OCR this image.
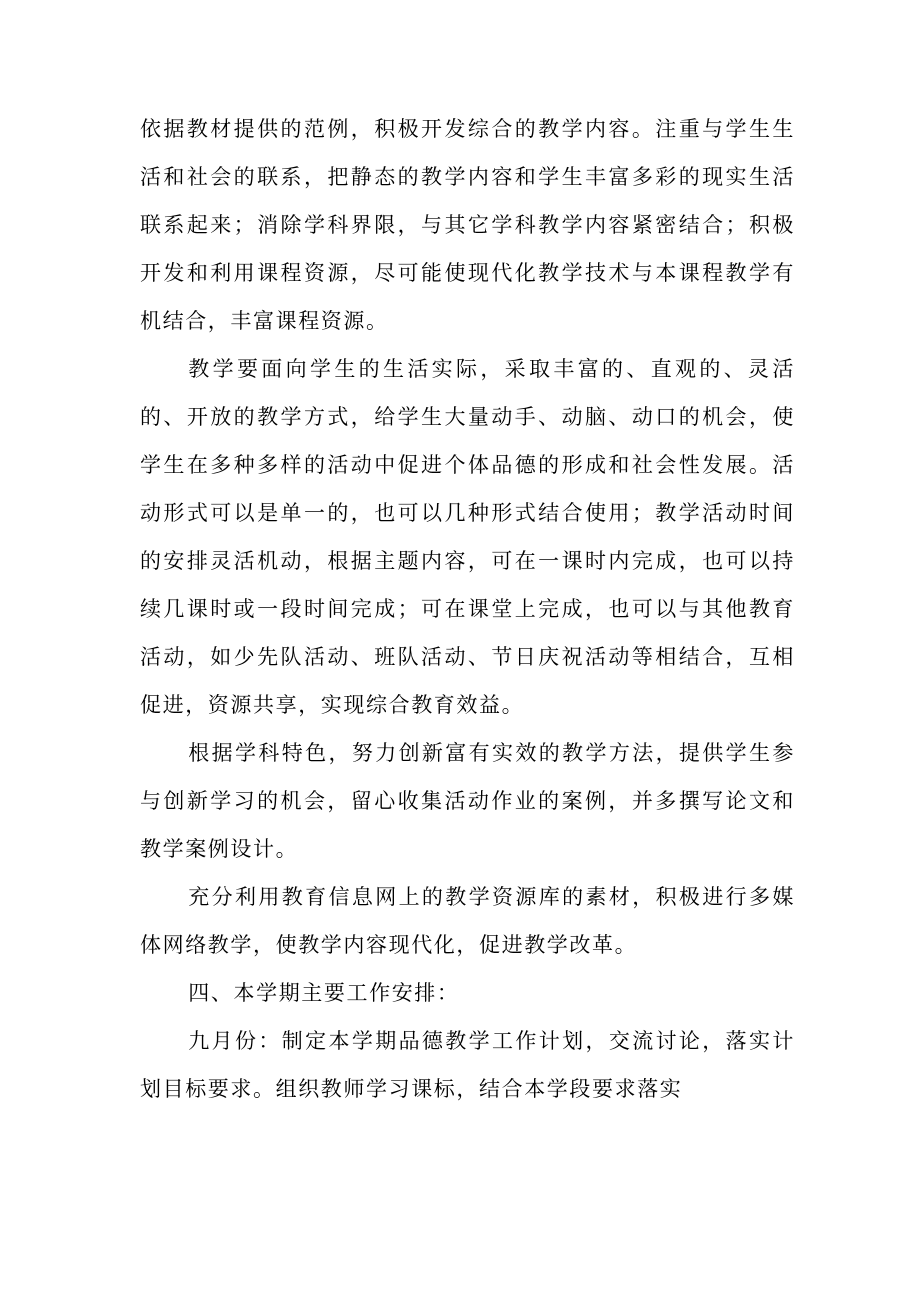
依据教材提供的范例，积极开发综合的教学内容。注重与学生生活和社会的联系，把静态的教学内容和学生丰富多彩的现实生活联系起来；消除学科界限，与其它学科教学内容紧密结合；积极开发和利用课程资源，尽可能使现代化教学技术与本课程教学有机结合，丰富课程资源。

教学要面向学生的生活实际，采取丰富的、直观的、灵活的、开放的教学方式，给学生大量动手、动脑、动口的机会，使学生在多种多样的活动中促进个体品德的形成和社会性发展。活动形式可以是单一的，也可以几种形式结合使用；教学活动时间的安排灵活机动，根据主题内容，可在一课时内完成，也可以持续几课时或一段时间完成；可在课堂上完成，也可以与其他教育活动，如少先队活动、班队活动、节日庆祝活动等相结合，互相促进，资源共享，实现综合教育效益。

根据学科特色，努力创新富有实效的教学方法，提供学生参与创新学习的机会，留心收集活动作业的案例，并多撰写论文和教学案例设计。

充分利用教育信息网上的教学资源库的素材，积极进行多媒体网络教学，使教学内容现代化，促进教学改革。

四、本学期主要工作安排：

九月份：制定本学期品德教学工作计划，交流讨论，落实计划目标要求。组织教师学习课标，结合本学段要求落实
